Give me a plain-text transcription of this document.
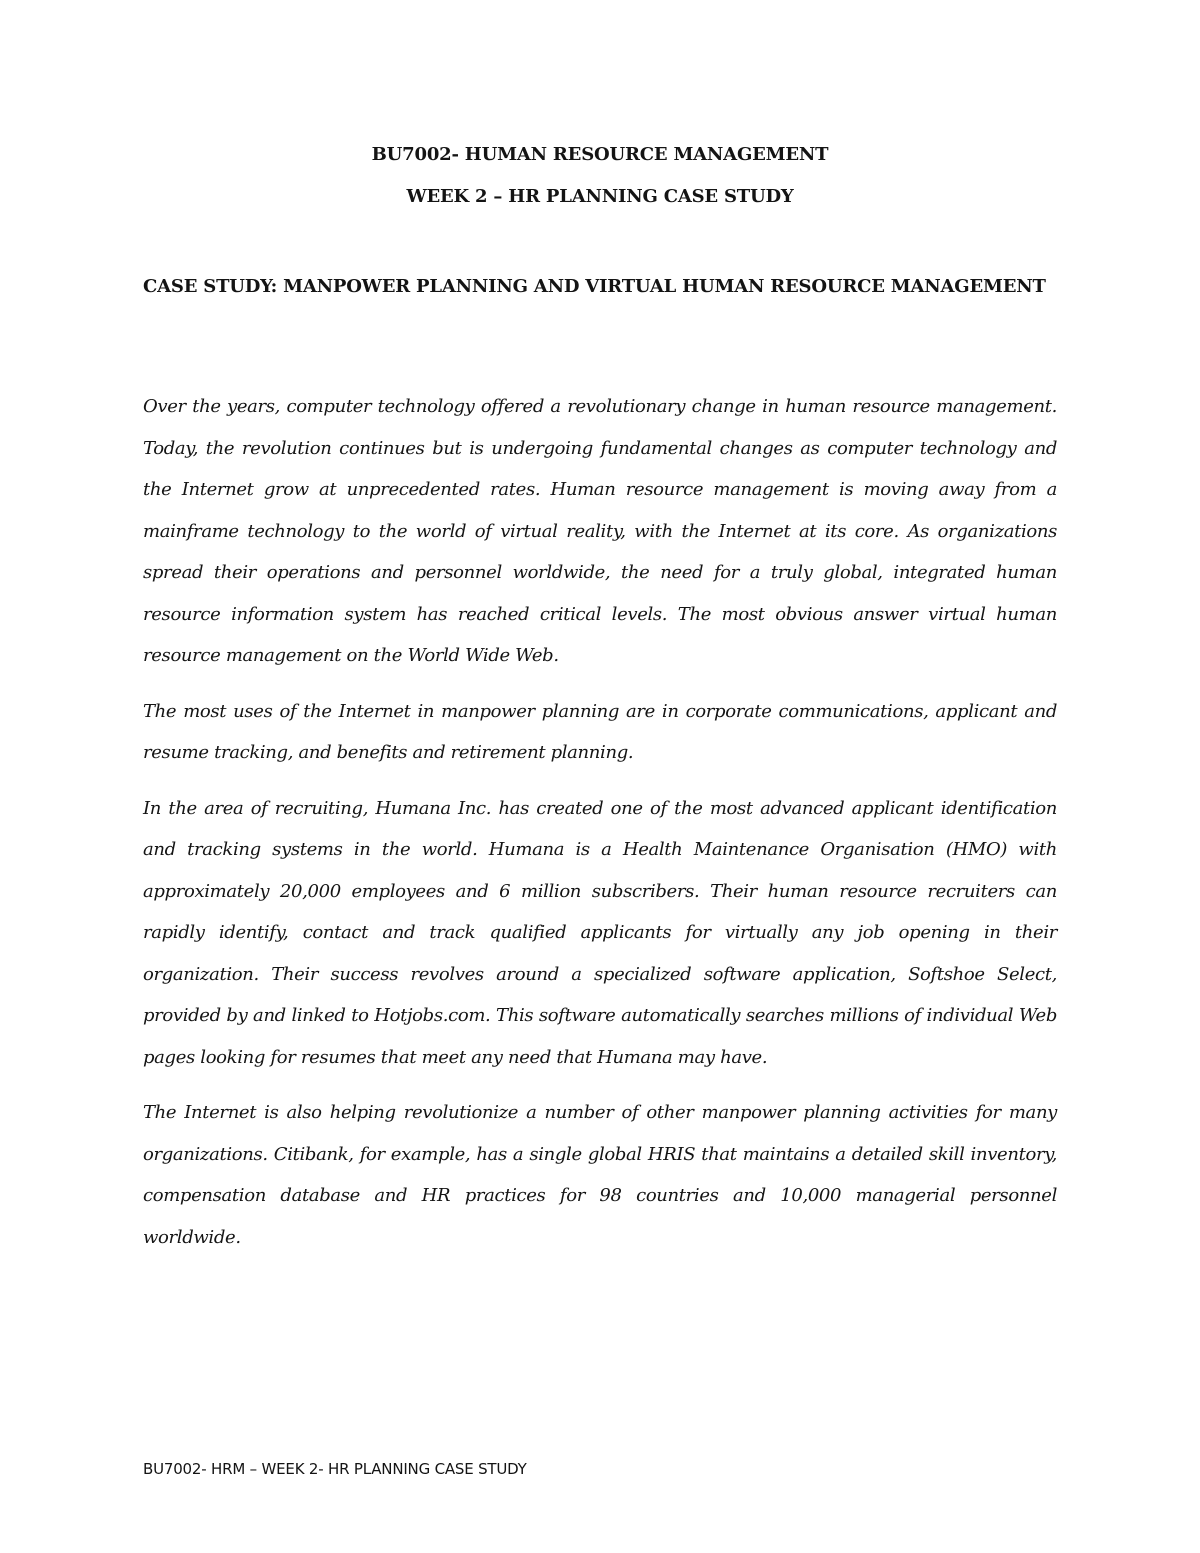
BU7002- HUMAN RESOURCE MANAGEMENT
WEEK 2 – HR PLANNING CASE STUDY
CASE STUDY: MANPOWER PLANNING AND VIRTUAL HUMAN RESOURCE MANAGEMENT

Over the years, computer technology offered a revolutionary change in human resource management. Today, the revolution continues but is undergoing fundamental changes as computer technology and the Internet grow at unprecedented rates. Human resource management is moving away from a mainframe technology to the world of virtual reality, with the Internet at its core. As organizations spread their operations and personnel worldwide, the need for a truly global, integrated human resource information system has reached critical levels. The most obvious answer virtual human resource management on the World Wide Web.

The most uses of the Internet in manpower planning are in corporate communications, applicant and resume tracking, and benefits and retirement planning.

In the area of recruiting, Humana Inc. has created one of the most advanced applicant identification and tracking systems in the world. Humana is a Health Maintenance Organisation (HMO) with approximately 20,000 employees and 6 million subscribers. Their human resource recruiters can rapidly identify, contact and track qualified applicants for virtually any job opening in their organization. Their success revolves around a specialized software application, Softshoe Select, provided by and linked to Hotjobs.com. This software automatically searches millions of individual Web pages looking for resumes that meet any need that Humana may have.

The Internet is also helping revolutionize a number of other manpower planning activities for many organizations. Citibank, for example, has a single global HRIS that maintains a detailed skill inventory, compensation database and HR practices for 98 countries and 10,000 managerial personnel worldwide.

BU7002- HRM – WEEK 2- HR PLANNING CASE STUDY
